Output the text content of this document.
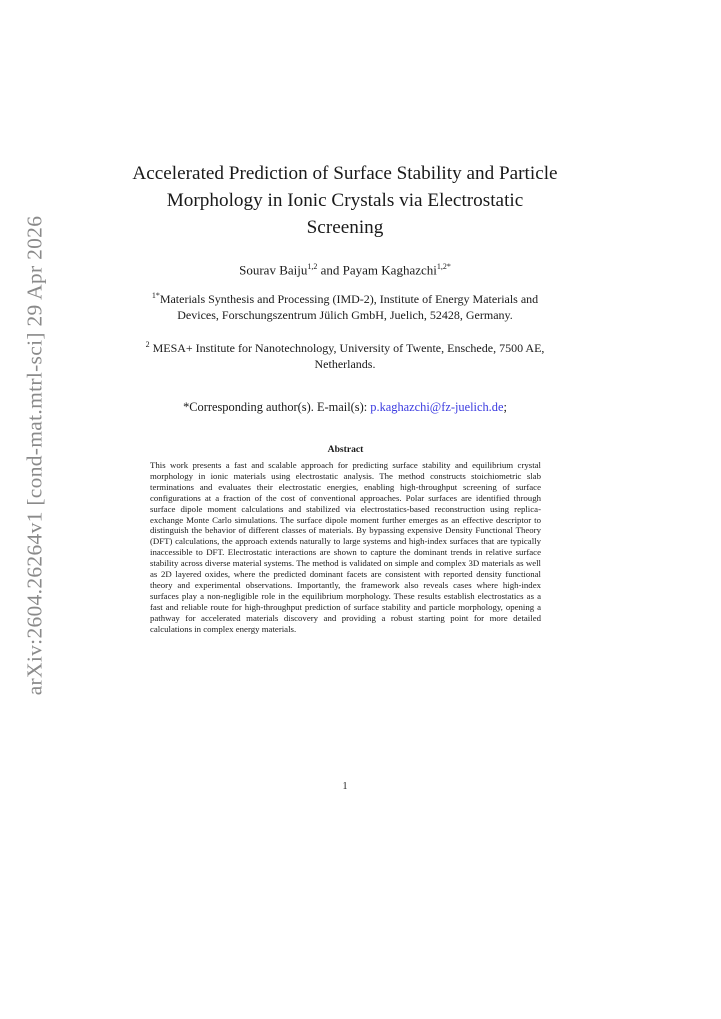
arXiv:2604.26264v1 [cond-mat.mtrl-sci] 29 Apr 2026
Accelerated Prediction of Surface Stability and Particle Morphology in Ionic Crystals via Electrostatic Screening
Sourav Baiju$^{1,2}$ and Payam Kaghazchi$^{1,2*}$
$^{1*}$Materials Synthesis and Processing (IMD-2), Institute of Energy Materials and Devices, Forschungszentrum Jülich GmbH, Juelich, 52428, Germany.
$^2$ MESA+ Institute for Nanotechnology, University of Twente, Enschede, 7500 AE, Netherlands.
*Corresponding author(s). E-mail(s): p.kaghazchi@fz-juelich.de;
Abstract
This work presents a fast and scalable approach for predicting surface stability and equilibrium crystal morphology in ionic materials using electrostatic analysis. The method constructs stoichiometric slab terminations and evaluates their electrostatic energies, enabling high-throughput screening of surface configurations at a fraction of the cost of conventional approaches. Polar surfaces are identified through surface dipole moment calculations and stabilized via electrostatics-based reconstruction using replica-exchange Monte Carlo simulations. The surface dipole moment further emerges as an effective descriptor to distinguish the behavior of different classes of materials. By bypassing expensive Density Functional Theory (DFT) calculations, the approach extends naturally to large systems and high-index surfaces that are typically inaccessible to DFT. Electrostatic interactions are shown to capture the dominant trends in relative surface stability across diverse material systems. The method is validated on simple and complex 3D materials as well as 2D layered oxides, where the predicted dominant facets are consistent with reported density functional theory and experimental observations. Importantly, the framework also reveals cases where high-index surfaces play a non-negligible role in the equilibrium morphology. These results establish electrostatics as a fast and reliable route for high-throughput prediction of surface stability and particle morphology, opening a pathway for accelerated materials discovery and providing a robust starting point for more detailed calculations in complex energy materials.
1
